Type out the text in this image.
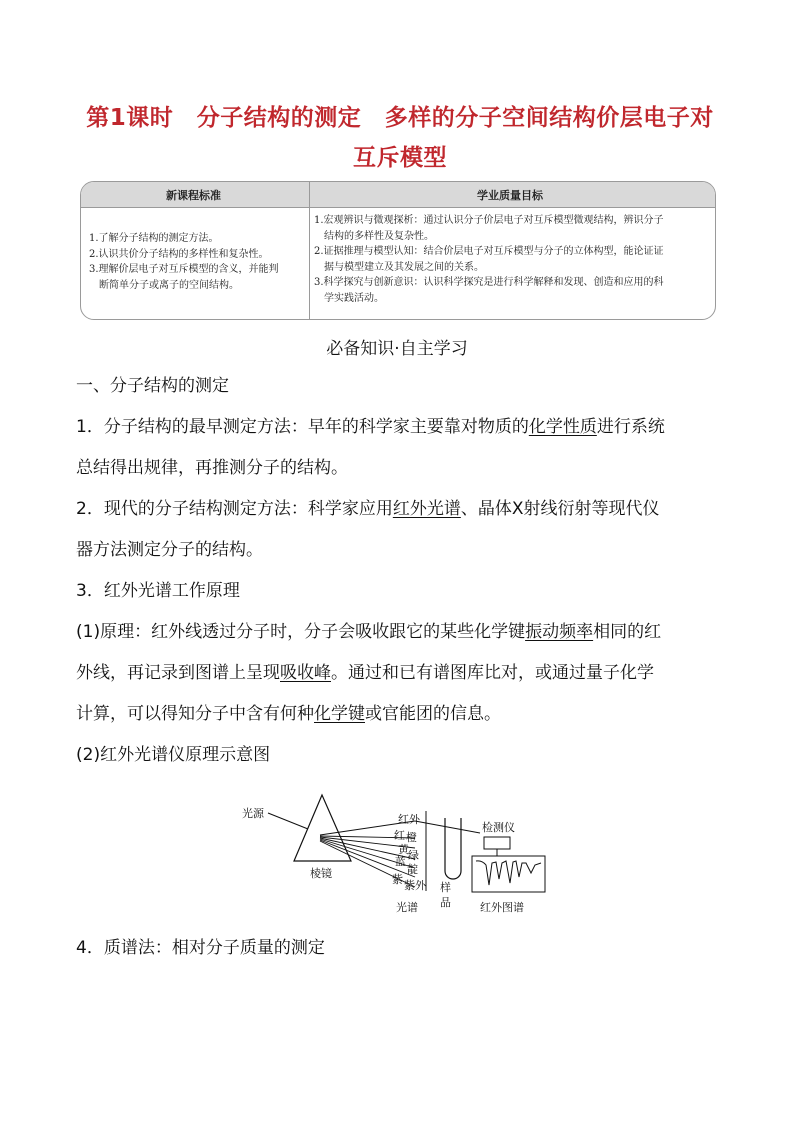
第1课时　分子结构的测定　多样的分子空间结构价层电子对
互斥模型
新课程标准	学业质量目标

1.了解分子结构的测定方法。

2.认识共价分子结构的多样性和复杂性。

3.理解价层电子对互斥模型的含义，并能判

断简单分子或离子的空间结构。

1.宏观辨识与微观探析：通过认识分子价层电子对互斥模型微观结构，辨识分子

结构的多样性及复杂性。

2.证据推理与模型认知：结合价层电子对互斥模型与分子的立体构型，能论证证

据与模型建立及其发展之间的关系。

3.科学探究与创新意识：认识科学探究是进行科学解释和发现、创造和应用的科

学实践活动。

必备知识·自主学习

一、分子结构的测定

1．分子结构的最早测定方法：早年的科学家主要靠对物质的化学性质进行系统

总结得出规律，再推测分子的结构。

2．现代的分子结构测定方法：科学家应用红外光谱、晶体X射线衍射等现代仪

器方法测定分子的结构。

3．红外光谱工作原理

(1)原理：红外线透过分子时，分子会吸收跟它的某些化学键振动频率相同的红

外线，再记录到图谱上呈现吸收峰。通过和已有谱图库比对，或通过量子化学

计算，可以得知分子中含有何种化学键或官能团的信息。

(2)红外光谱仪原理示意图

光源
棱镜
红外
红 橙
黄 绿
蓝
靛
紫 紫外
光谱
样
品
检测仪
红外图谱

4．质谱法：相对分子质量的测定
